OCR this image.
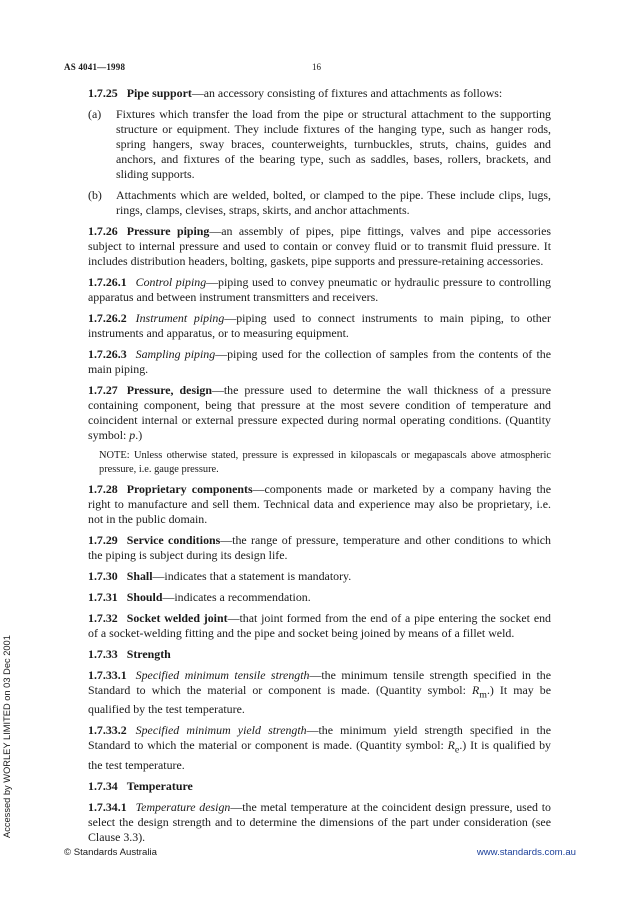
AS 4041—1998	16

1.7.25 Pipe support—an accessory consisting of fixtures and attachments as follows:

(a)	Fixtures which transfer the load from the pipe or structural attachment to the supporting structure or equipment. They include fixtures of the hanging type, such as hanger rods, spring hangers, sway braces, counterweights, turnbuckles, struts, chains, guides and anchors, and fixtures of the bearing type, such as saddles, bases, rollers, brackets, and sliding supports.
(b)	Attachments which are welded, bolted, or clamped to the pipe. These include clips, lugs, rings, clamps, clevises, straps, skirts, and anchor attachments.

1.7.26 Pressure piping—an assembly of pipes, pipe fittings, valves and pipe accessories subject to internal pressure and used to contain or convey fluid or to transmit fluid pressure. It includes distribution headers, bolting, gaskets, pipe supports and pressure-retaining accessories.

1.7.26.1 Control piping—piping used to convey pneumatic or hydraulic pressure to controlling apparatus and between instrument transmitters and receivers.

1.7.26.2 Instrument piping—piping used to connect instruments to main piping, to other instruments and apparatus, or to measuring equipment.

1.7.26.3 Sampling piping—piping used for the collection of samples from the contents of the main piping.

1.7.27 Pressure, design—the pressure used to determine the wall thickness of a pressure containing component, being that pressure at the most severe condition of temperature and coincident internal or external pressure expected during normal operating conditions. (Quantity symbol: p.)

NOTE: Unless otherwise stated, pressure is expressed in kilopascals or megapascals above atmospheric pressure, i.e. gauge pressure.

1.7.28 Proprietary components—components made or marketed by a company having the right to manufacture and sell them. Technical data and experience may also be proprietary, i.e. not in the public domain.

1.7.29 Service conditions—the range of pressure, temperature and other conditions to which the piping is subject during its design life.

1.7.30 Shall—indicates that a statement is mandatory.

1.7.31 Should—indicates a recommendation.

1.7.32 Socket welded joint—that joint formed from the end of a pipe entering the socket end of a socket-welding fitting and the pipe and socket being joined by means of a fillet weld.

1.7.33 Strength

1.7.33.1 Specified minimum tensile strength—the minimum tensile strength specified in the Standard to which the material or component is made. (Quantity symbol: $R_m$.) It may be qualified by the test temperature.

1.7.33.2 Specified minimum yield strength—the minimum yield strength specified in the Standard to which the material or component is made. (Quantity symbol: $R_e$.) It is qualified by the test temperature.

1.7.34 Temperature

1.7.34.1 Temperature design—the metal temperature at the coincident design pressure, used to select the design strength and to determine the dimensions of the part under consideration (see Clause 3.3).

Accessed by WORLEY LIMITED on 03 Dec 2001
© Standards Australia	www.standards.com.au
